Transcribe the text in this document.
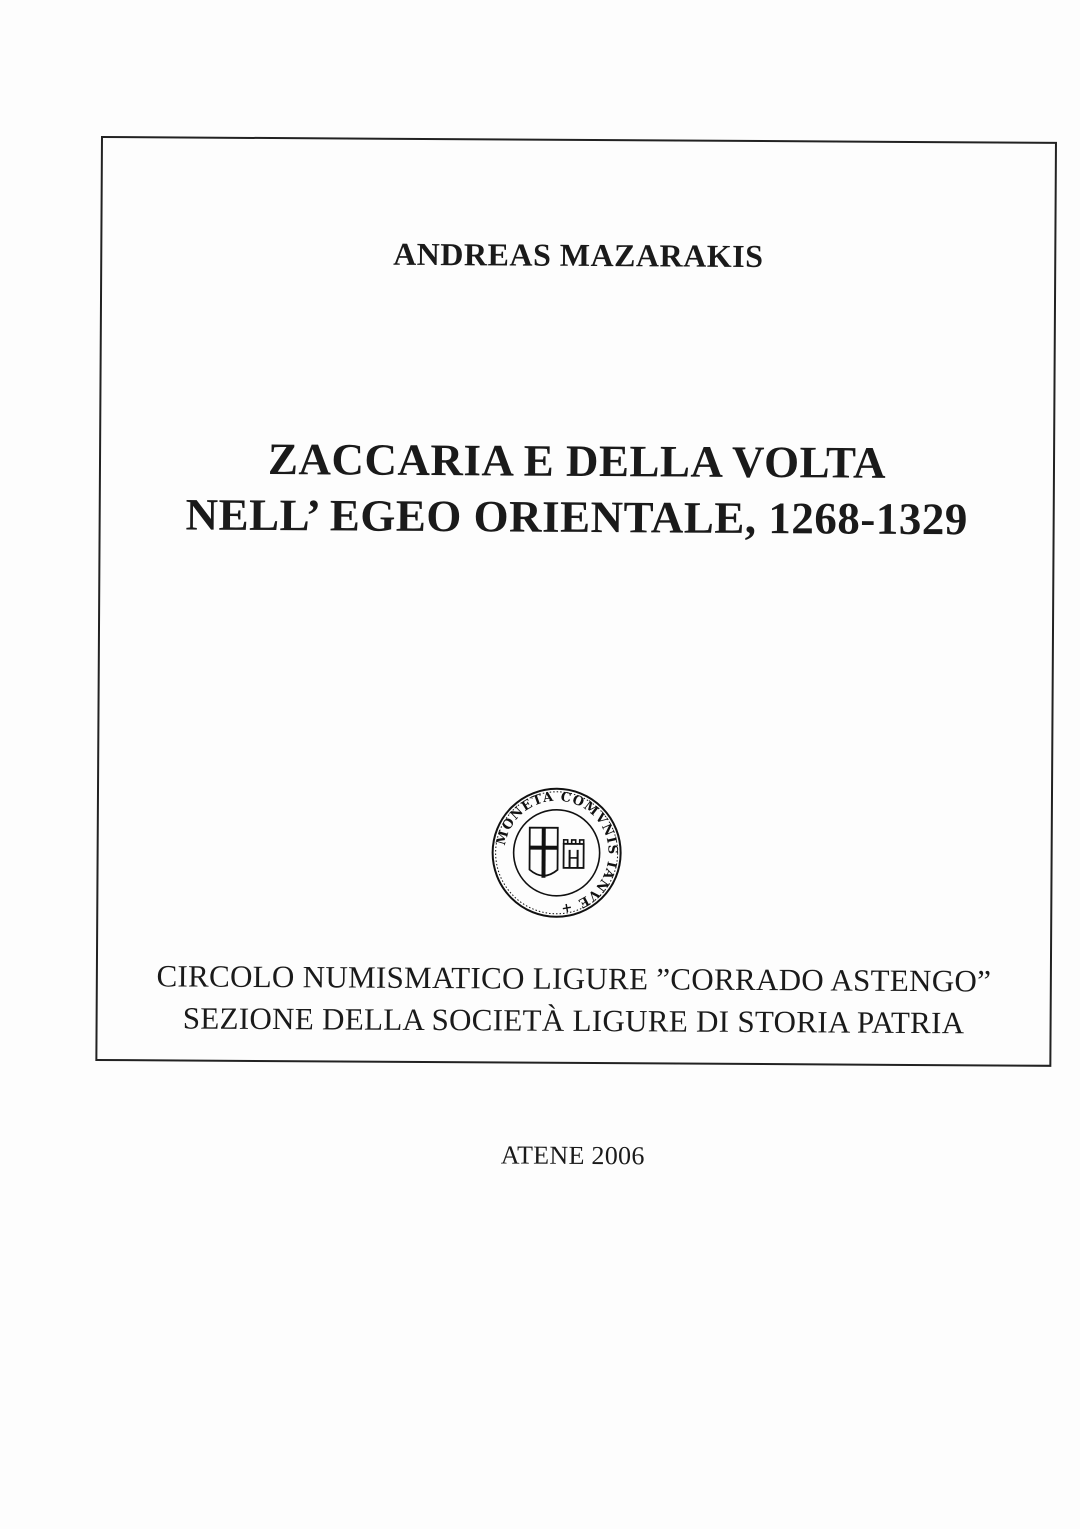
ANDREAS MAZARAKIS
ZACCARIA E DELLA VOLTA
NELL’ EGEO ORIENTALE, 1268-1329
MONETA COMVNIS IANVE +
CIRCOLO NUMISMATICO LIGURE ”CORRADO ASTENGO”
SEZIONE DELLA SOCIETÀ LIGURE DI STORIA PATRIA
ATENE 2006
